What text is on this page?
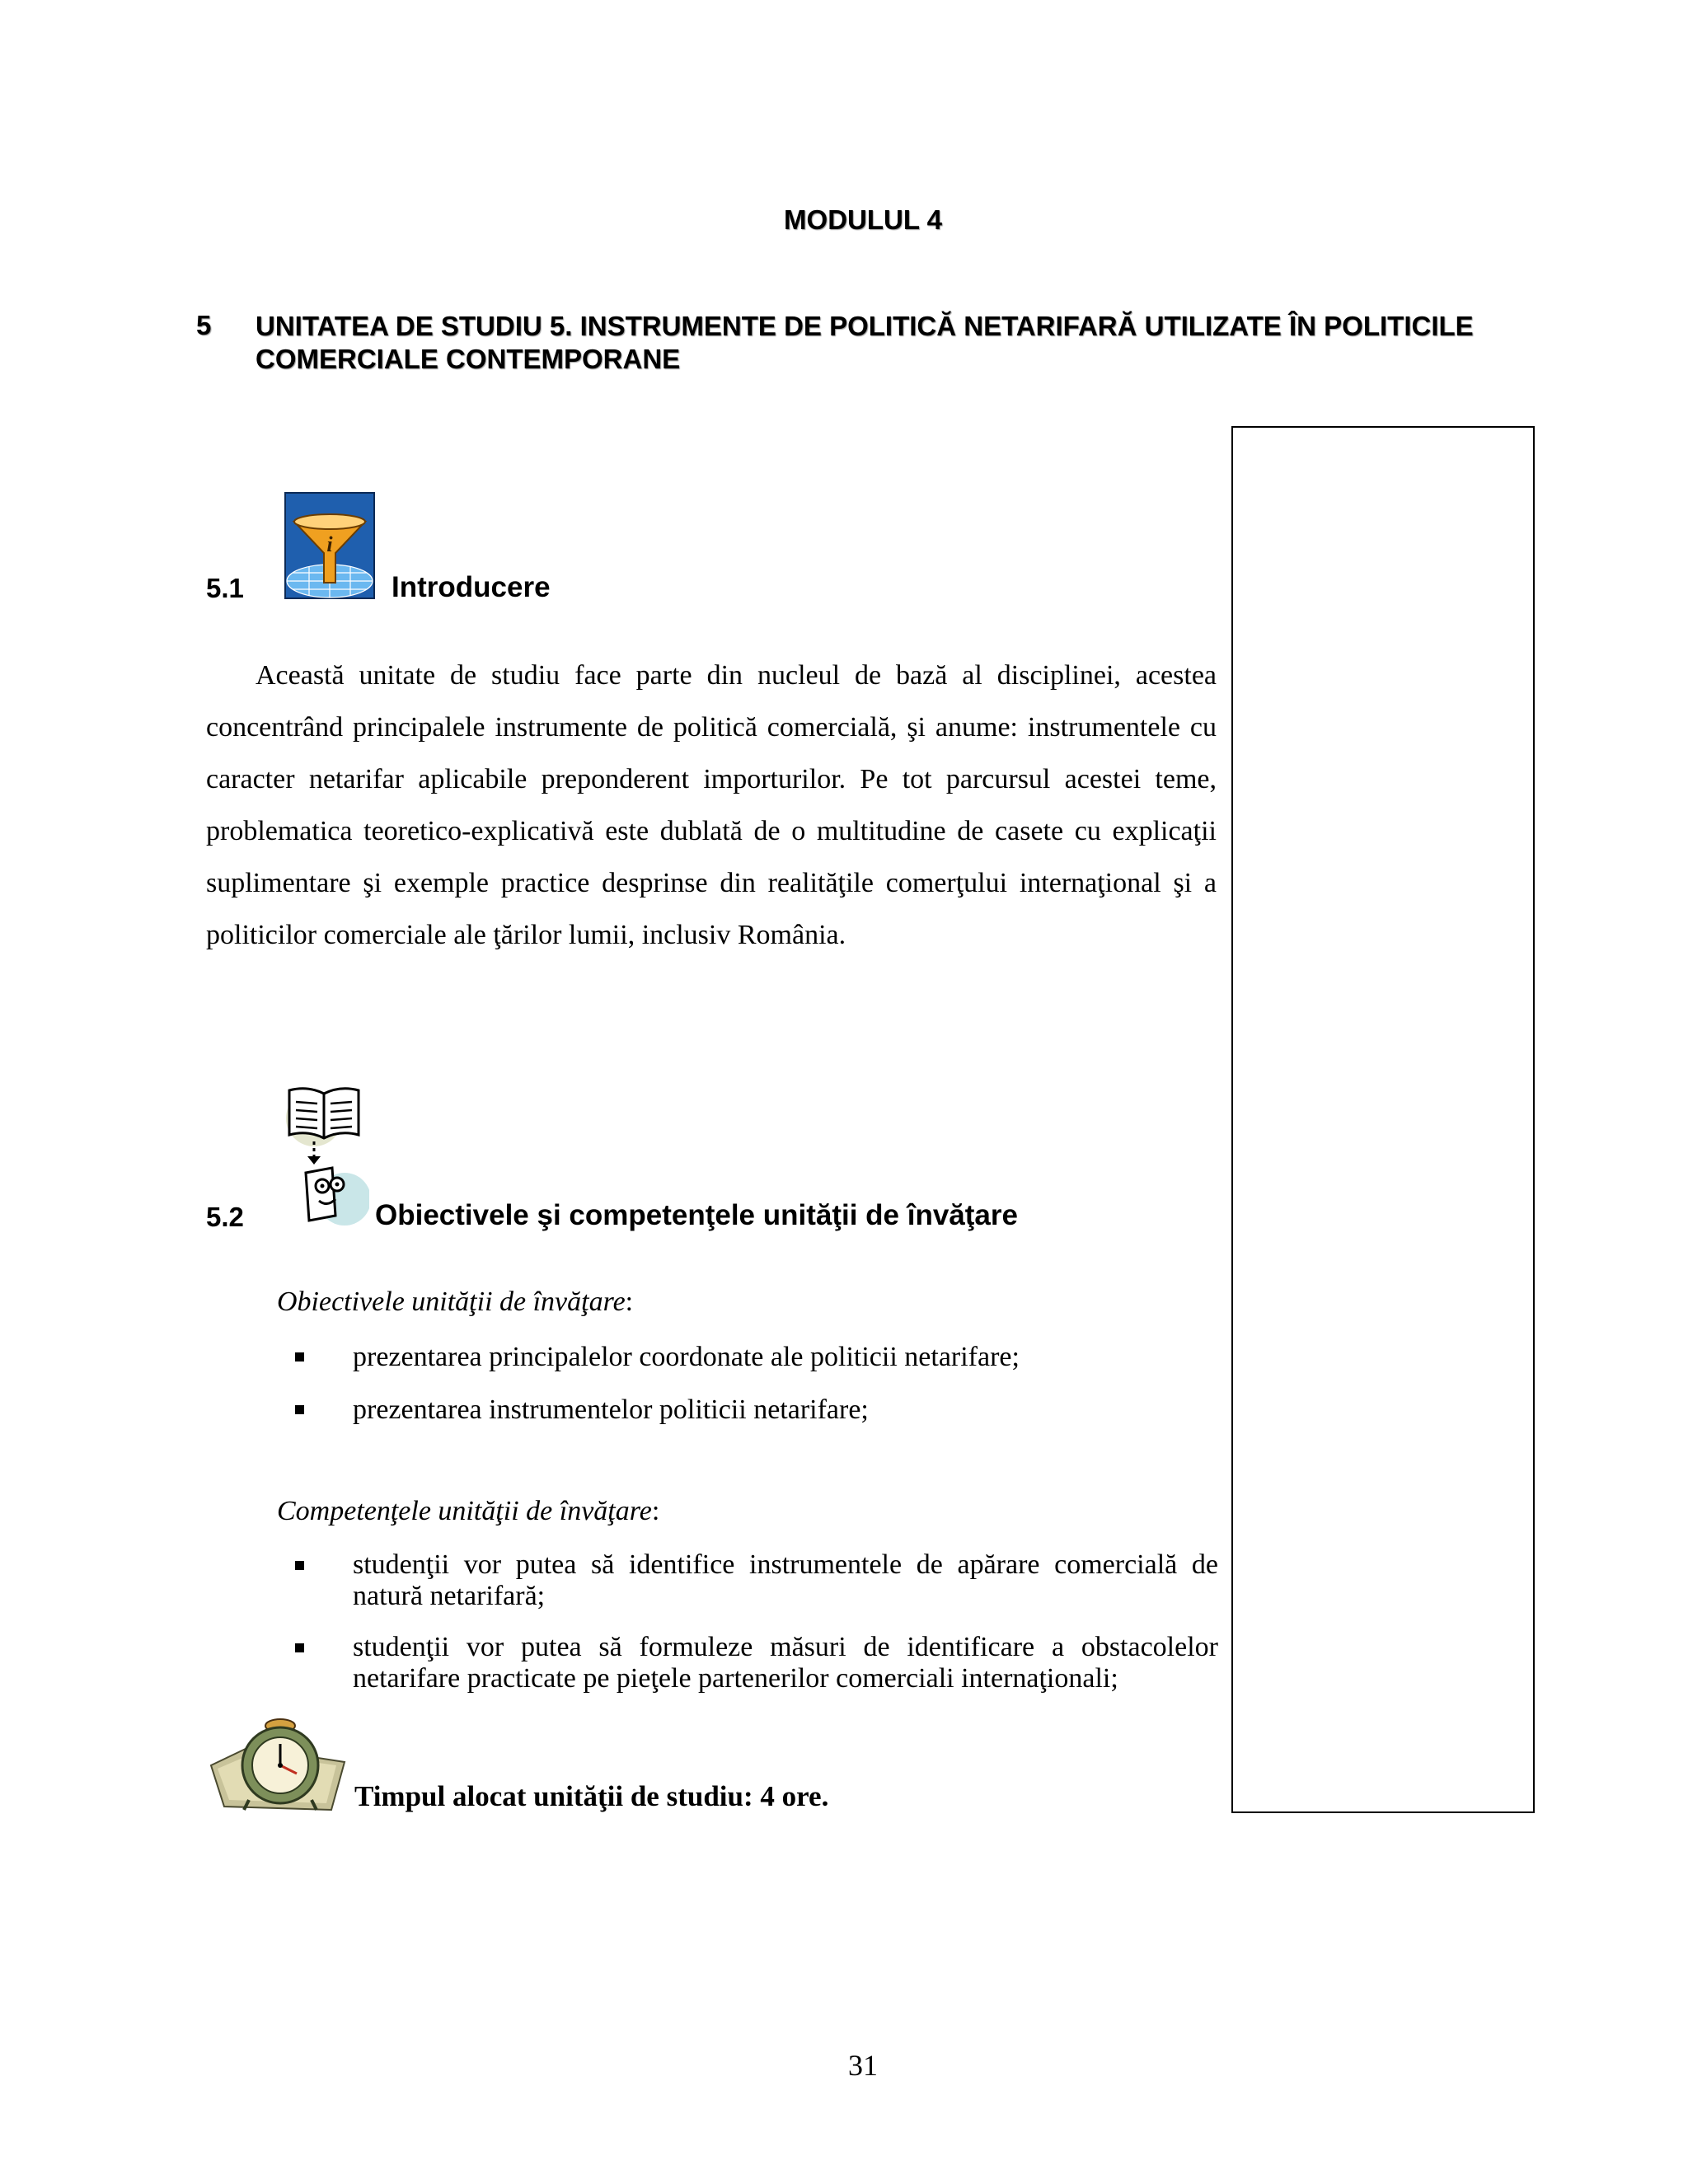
MODULUL 4
5 UNITATEA DE STUDIU 5. INSTRUMENTE DE POLITICĂ NETARIFARĂ UTILIZATE ÎN POLITICILE COMERCIALE CONTEMPORANE
5.1
i
Introducere

Această unitate de studiu face parte din nucleul de bază al disciplinei, acestea concentrând principalele instrumente de politică comercială, şi anume: instrumentele cu caracter netarifar aplicabile preponderent importurilor. Pe tot parcursul acestei teme, problematica teoretico-explicativă este dublată de o multitudine de casete cu explicaţii suplimentare şi exemple practice desprinse din realităţile comerţului internaţional şi a politicilor comerciale ale ţărilor lumii, inclusiv România.

5.2	Obiectivele şi competenţele unităţii de învăţare
Obiectivele unităţii de învăţare:
prezentarea principalelor coordonate ale politicii netarifare;
prezentarea instrumentelor politicii netarifare;
Competenţele unităţii de învăţare:
studenţii vor putea să identifice instrumentele de apărare comercială de natură netarifară;
studenţii vor putea să formuleze măsuri de identificare a obstacolelor netarifare practicate pe pieţele partenerilor comerciali internaţionali;
Timpul alocat unităţii de studiu: 4 ore.
31
